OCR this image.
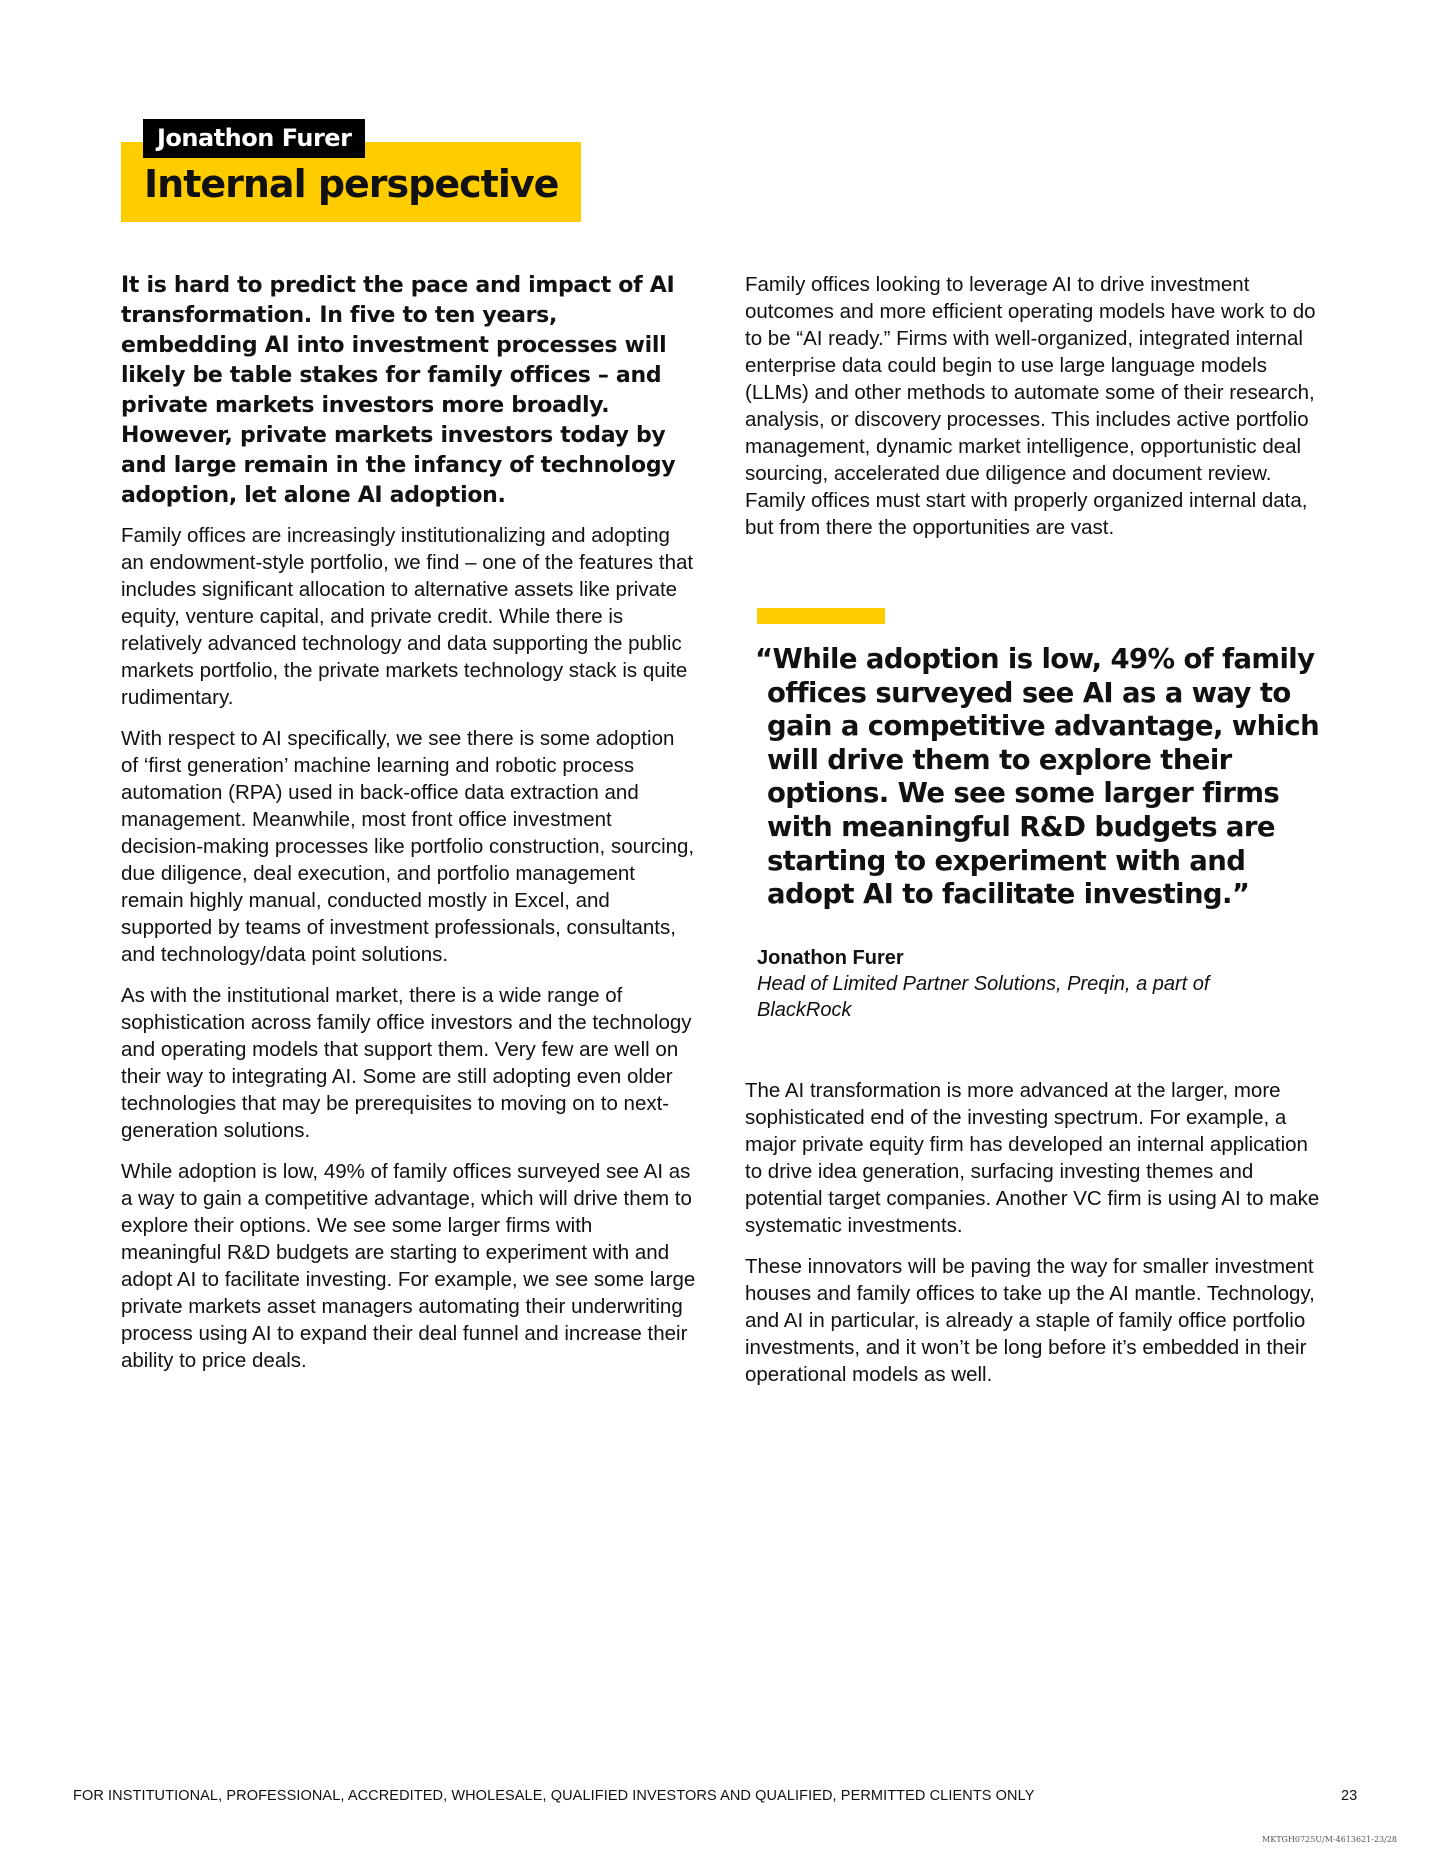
Jonathon Furer
Internal perspective

It is hard to predict the pace and impact of AI transformation. In five to ten years, embedding AI into investment processes will likely be table stakes for family offices – and private markets investors more broadly. However, private markets investors today by and large remain in the infancy of technology adoption, let alone AI adoption.

Family offices are increasingly institutionalizing and adopting an endowment-style portfolio, we find – one of the features that includes significant allocation to alternative assets like private equity, venture capital, and private credit. While there is relatively advanced technology and data supporting the public markets portfolio, the private markets technology stack is quite rudimentary.

With respect to AI specifically, we see there is some adoption of ‘first generation’ machine learning and robotic process automation (RPA) used in back-office data extraction and management. Meanwhile, most front office investment decision-making processes like portfolio construction, sourcing, due diligence, deal execution, and portfolio management remain highly manual, conducted mostly in Excel, and supported by teams of investment professionals, consultants, and technology/data point solutions.

As with the institutional market, there is a wide range of sophistication across family office investors and the technology and operating models that support them. Very few are well on their way to integrating AI. Some are still adopting even older technologies that may be prerequisites to moving on to next-generation solutions.

While adoption is low, 49% of family offices surveyed see AI as a way to gain a competitive advantage, which will drive them to explore their options. We see some larger firms with meaningful R&D budgets are starting to experiment with and adopt AI to facilitate investing. For example, we see some large private markets asset managers automating their underwriting process using AI to expand their deal funnel and increase their ability to price deals.

Family offices looking to leverage AI to drive investment outcomes and more efficient operating models have work to do to be “AI ready.” Firms with well-organized, integrated internal enterprise data could begin to use large language models (LLMs) and other methods to automate some of their research, analysis, or discovery processes. This includes active portfolio management, dynamic market intelligence, opportunistic deal sourcing, accelerated due diligence and document review. Family offices must start with properly organized internal data, but from there the opportunities are vast.

“While adoption is low, 49% of family offices surveyed see AI as a way to gain a competitive advantage, which will drive them to explore their options. We see some larger firms with meaningful R&D budgets are starting to experiment with and adopt AI to facilitate investing.”
Jonathon Furer
Head of Limited Partner Solutions, Preqin, a part of BlackRock

The AI transformation is more advanced at the larger, more sophisticated end of the investing spectrum. For example, a major private equity firm has developed an internal application to drive idea generation, surfacing investing themes and potential target companies. Another VC firm is using AI to make systematic investments.

These innovators will be paving the way for smaller investment houses and family offices to take up the AI mantle. Technology, and AI in particular, is already a staple of family office portfolio investments, and it won’t be long before it’s embedded in their operational models as well.

FOR INSTITUTIONAL, PROFESSIONAL, ACCREDITED, WHOLESALE, QUALIFIED INVESTORS AND QUALIFIED, PERMITTED CLIENTS ONLY	23
MKTGH0725U/M-4613621-23/28
